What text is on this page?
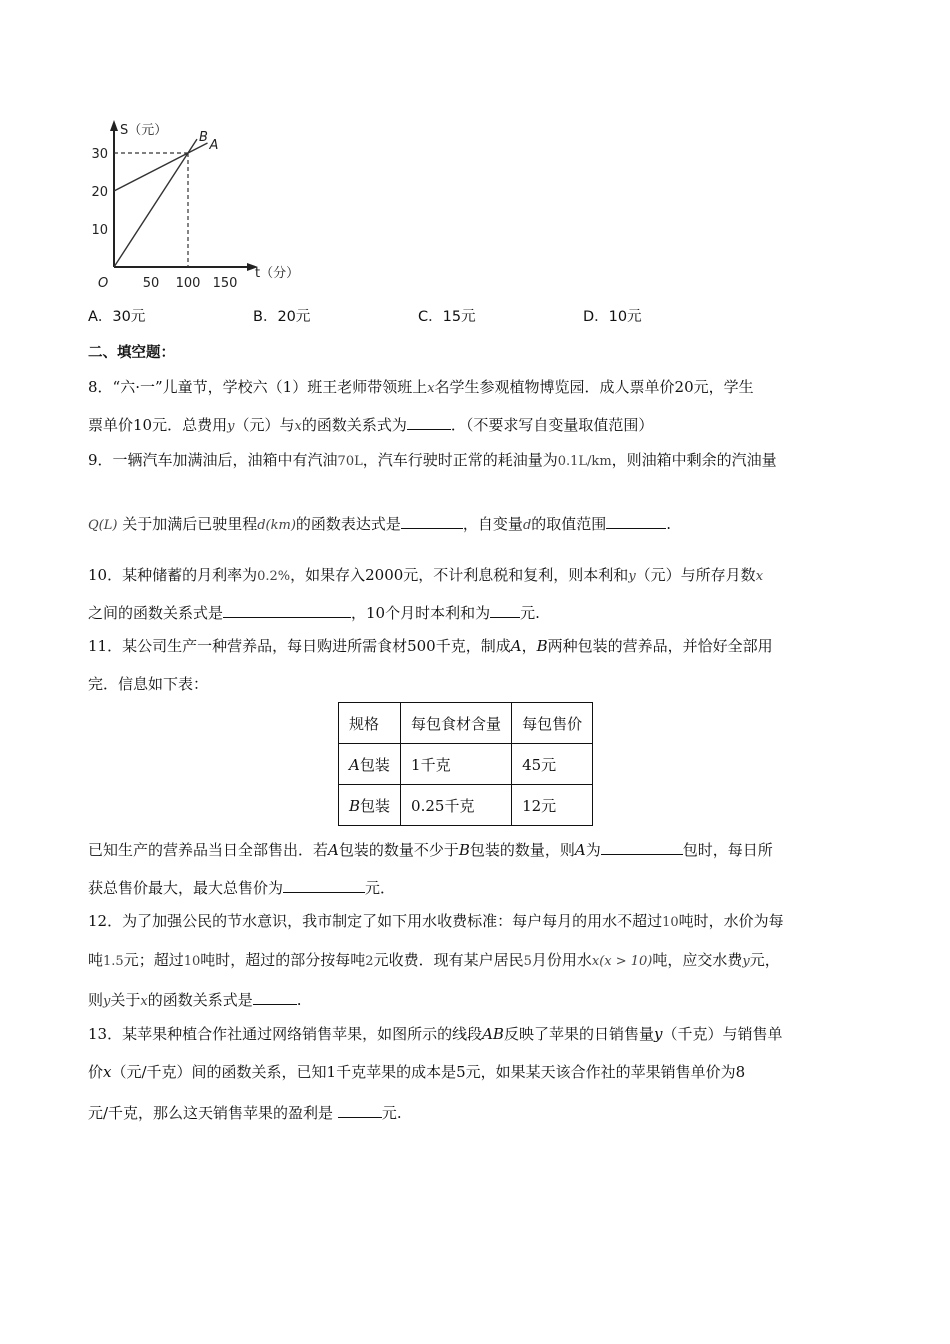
A
B
50 100 150
10
20
30
O
S（元）
t（分）
A．30元	B．20元	C．15元	D．10元
二、填空题：
8．“六·一”儿童节，学校六（1）班王老师带领班上x名学生参观植物博览园．成人票单价20元，学生
票单价10元．总费用y（元）与x的函数关系式为	．（不要求写自变量取值范围）
9．一辆汽车加满油后，油箱中有汽油70L，汽车行驶时正常的耗油量为0.1L/km，则油箱中剩余的汽油量
Q(L) 关于加满后已驶里程d(km)的函数表达式是	，自变量d的取值范围	.
10．某种储蓄的月利率为0.2%，如果存入2000元，不计利息税和复利，则本利和y（元）与所存月数x
之间的函数关系式是	，10个月时本利和为 元.
11．某公司生产一种营养品，每日购进所需食材500千克，制成A，B两种包装的营养品，并恰好全部用
完．信息如下表：
规格	每包食材含量	每包售价
A包装	1千克	45元
B包装	0.25千克	12元
已知生产的营养品当日全部售出．若A包装的数量不少于B包装的数量，则A为	包时，每日所
获总售价最大，最大总售价为	元．
12．为了加强公民的节水意识，我市制定了如下用水收费标准：每户每月的用水不超过10吨时，水价为每
吨1.5元；超过10吨时，超过的部分按每吨2元收费．现有某户居民5月份用水x(x > 10)吨，应交水费y元，
则y关于x的函数关系式是	.
13．某苹果种植合作社通过网络销售苹果，如图所示的线段AB反映了苹果的日销售量y（千克）与销售单
价x（元/千克）间的函数关系，已知1千克苹果的成本是5元，如果某天该合作社的苹果销售单价为8
元/千克，那么这天销售苹果的盈利是	元.
